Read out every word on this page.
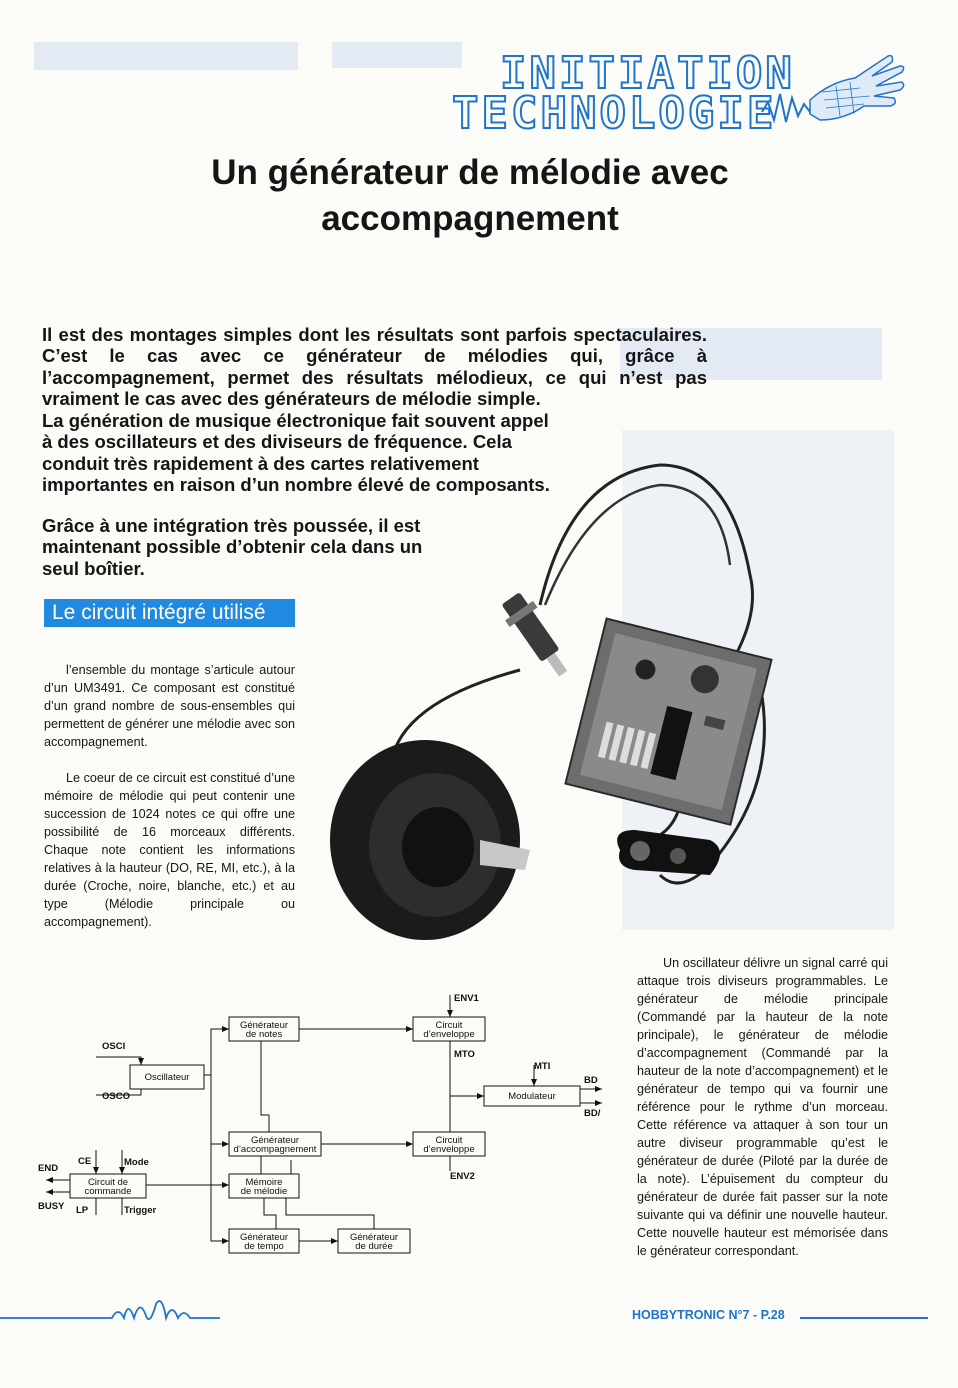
INITIATION
TECHNOLOGIE
Un générateur de mélodie avec accompagnement
Il est des montages simples dont les résultats sont parfois spectaculaires. C’est le cas avec ce générateur de mélodies qui, grâce à l’accompagnement, permet des résultats mélodieux, ce qui n’est pas vraiment le cas avec des générateurs de mélodie simple.
La génération de musique électronique fait souvent appel à des oscillateurs et des diviseurs de fréquence. Cela conduit très rapidement à des cartes relativement importantes en raison d’un nombre élevé de composants.
Grâce à une intégration très poussée, il est maintenant possible d’obtenir cela dans un seul boîtier.
Le circuit intégré utilisé
l’ensemble du montage s’articule autour d’un UM3491. Ce composant est constitué d’un grand nombre de sous-ensembles qui permettent de générer une mélodie avec son accompagnement.
Le coeur de ce circuit est constitué d’une mémoire de mélodie qui peut contenir une succession de 1024 notes ce qui offre une possibilité de 16 morceaux différents. Chaque note contient les informations relatives à la hauteur (DO, RE, MI, etc.), à la durée (Croche, noire, blanche, etc.) et au type (Mélodie principale ou accompagnement).
Un oscillateur délivre un signal carré qui attaque trois diviseurs programmables. Le générateur de mélodie principale (Commandé par la hauteur de la note principale), le générateur de mélodie d’accompagnement (Commandé par la hauteur de la note d’accompagnement) et le générateur de tempo qui va fournir une référence pour le rythme d’un morceau. Cette référence va attaquer à son tour un autre diviseur programmable qu’est le générateur de durée (Piloté par la durée de la note). L’épuisement du compteur du générateur de durée fait passer sur la note suivante qui va définir une nouvelle hauteur. Cette nouvelle hauteur est mémorisée dans le générateur correspondant.
Générateur
de notes
Circuit
d’enveloppe
Oscillateur
Modulateur
Générateur
d’accompagnement
Circuit
d’enveloppe
Circuit de
commande
Mémoire
de mélodie
Générateur
de tempo
Générateur
de durée
OSCI
OSCO
ENV1
MTO
MTI
BD
BD/
ENV2
END
BUSY
CE	Mode
LP	Trigger
HOBBYTRONIC N°7 - P.28
